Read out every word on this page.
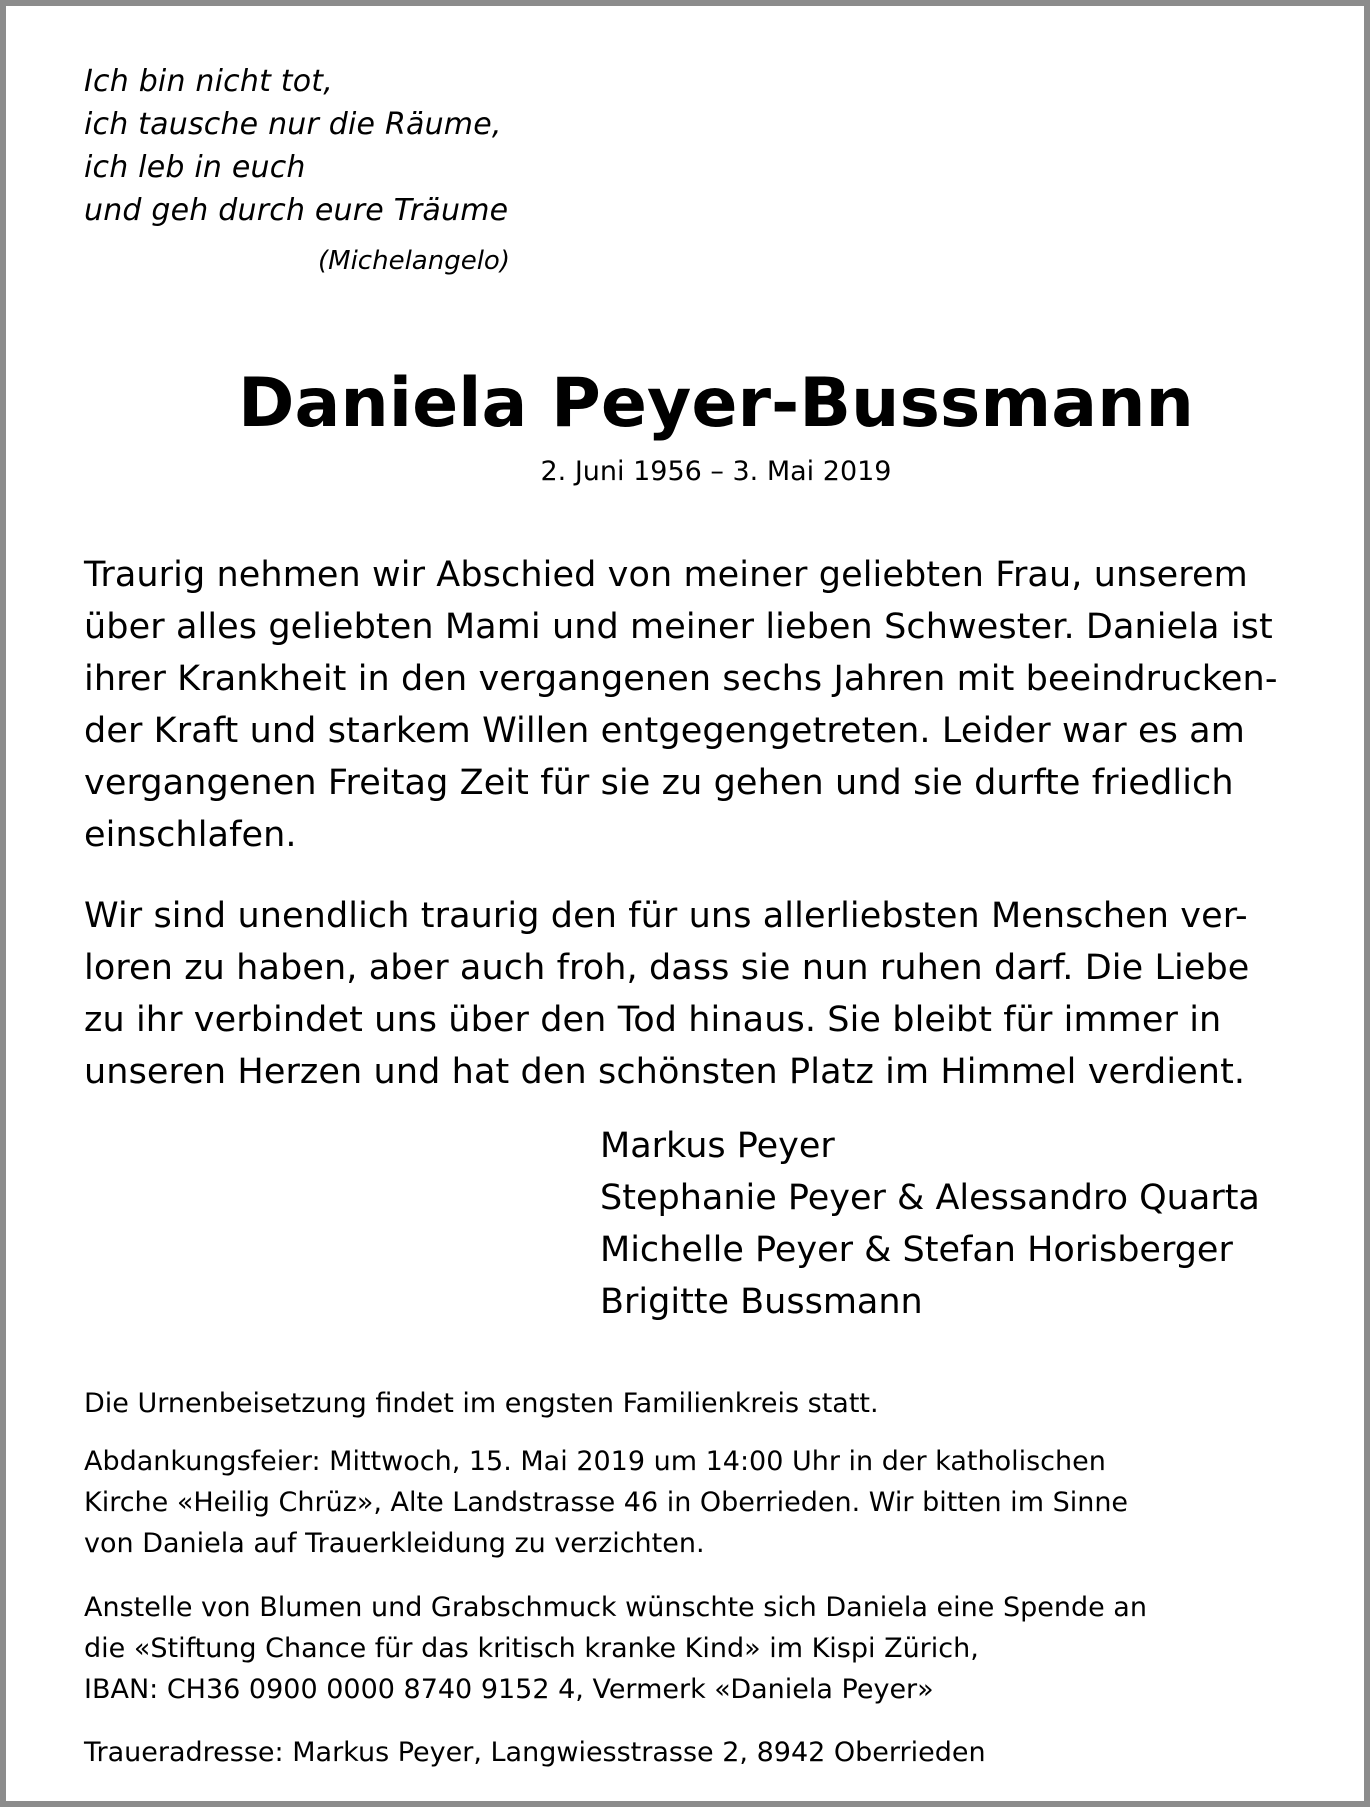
Ich bin nicht tot,
ich tausche nur die Räume,
ich leb in euch
und geh durch eure Träume
(Michelangelo)
Daniela Peyer-Bussmann
2. Juni 1956 – 3. Mai 2019
Traurig nehmen wir Abschied von meiner geliebten Frau, unserem
über alles geliebten Mami und meiner lieben Schwester. Daniela ist
ihrer Krankheit in den vergangenen sechs Jahren mit beeindrucken-
der Kraft und starkem Willen entgegengetreten. Leider war es am
vergangenen Freitag Zeit für sie zu gehen und sie durfte friedlich
einschlafen.
Wir sind unendlich traurig den für uns allerliebsten Menschen ver-
loren zu haben, aber auch froh, dass sie nun ruhen darf. Die Liebe
zu ihr verbindet uns über den Tod hinaus. Sie bleibt für immer in
unseren Herzen und hat den schönsten Platz im Himmel verdient.
Markus Peyer
Stephanie Peyer & Alessandro Quarta
Michelle Peyer & Stefan Horisberger
Brigitte Bussmann
Die Urnenbeisetzung findet im engsten Familienkreis statt.
Abdankungsfeier: Mittwoch, 15. Mai 2019 um 14:00 Uhr in der katholischen
Kirche «Heilig Chrüz», Alte Landstrasse 46 in Oberrieden. Wir bitten im Sinne
von Daniela auf Trauerkleidung zu verzichten.
Anstelle von Blumen und Grabschmuck wünschte sich Daniela eine Spende an
die «Stiftung Chance für das kritisch kranke Kind» im Kispi Zürich,
IBAN: CH36 0900 0000 8740 9152 4, Vermerk «Daniela Peyer»
Traueradresse: Markus Peyer, Langwiesstrasse 2, 8942 Oberrieden
